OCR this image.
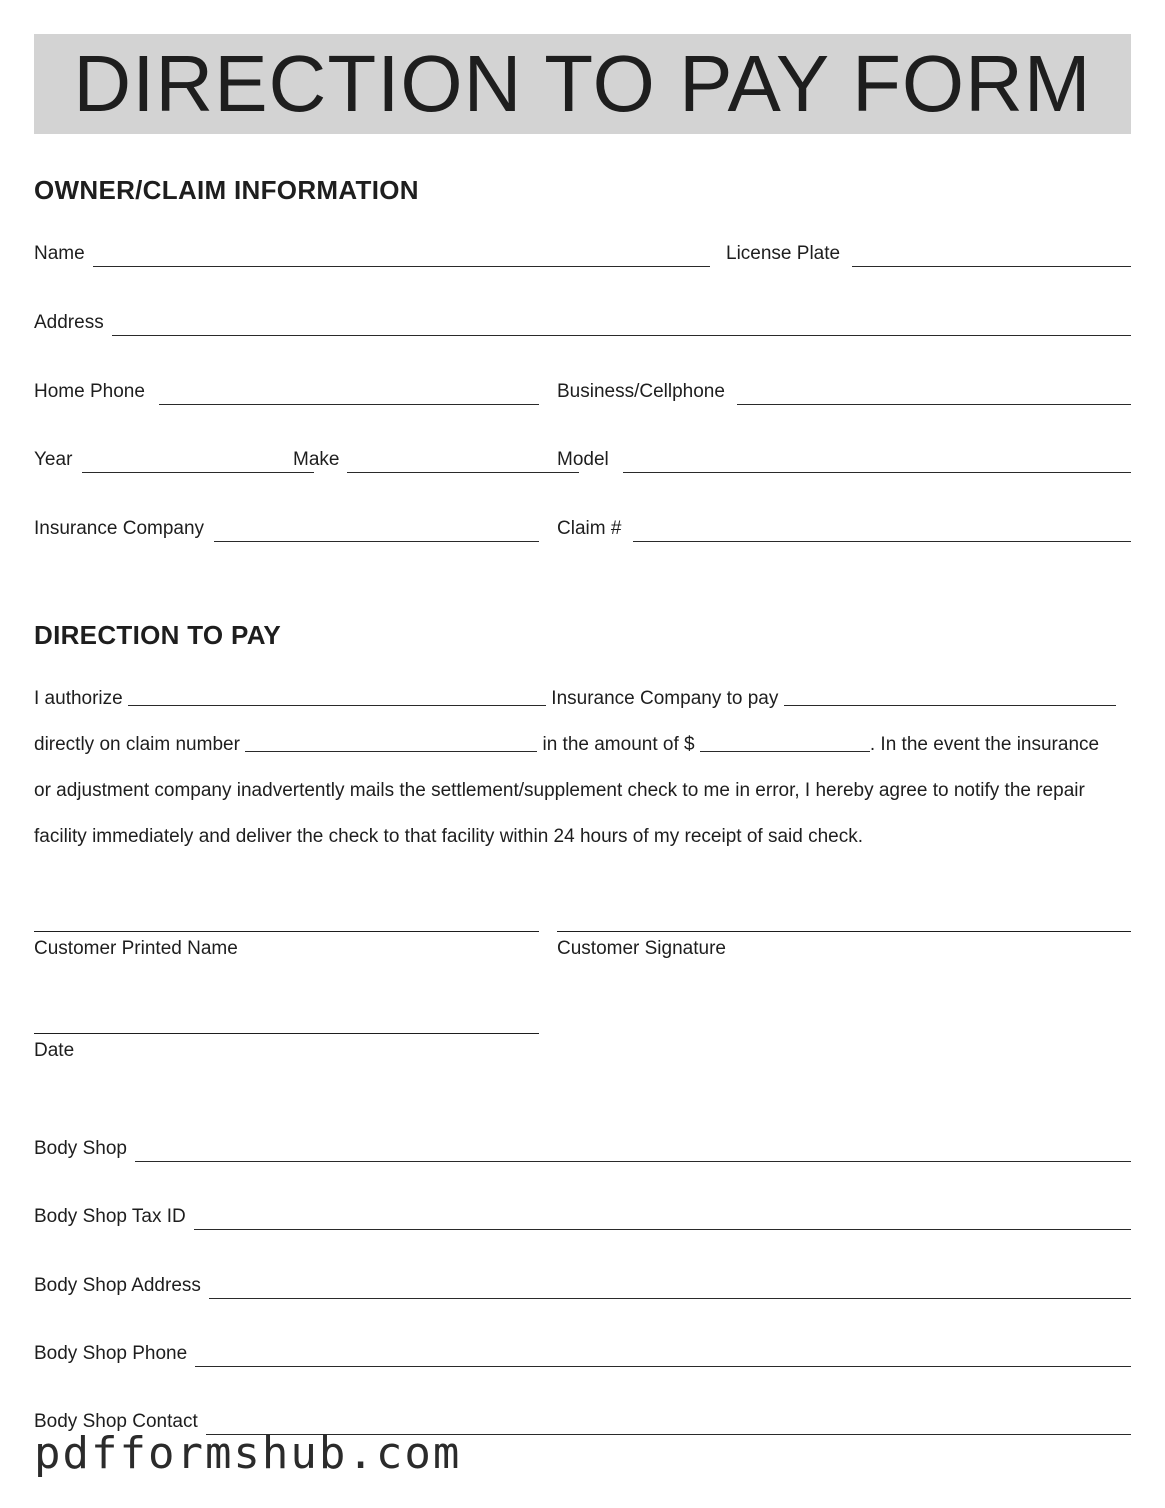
DIRECTION TO PAY FORM
OWNER/CLAIM INFORMATION
Name	License Plate
Address
Home Phone	Business/Cellphone
Year	Make	Model
Insurance Company	Claim #
DIRECTION TO PAY
I authorize	Insurance Company to pay
directly on claim number	in the amount of $	. In the event the insurance
or adjustment company inadvertently mails the settlement/supplement check to me in error, I hereby agree to notify the repair
facility immediately and deliver the check to that facility within 24 hours of my receipt of said check.
Customer Printed Name	Customer Signature
Date
Body Shop
Body Shop Tax ID
Body Shop Address
Body Shop Phone
Body Shop Contact
pdfformshub.com
